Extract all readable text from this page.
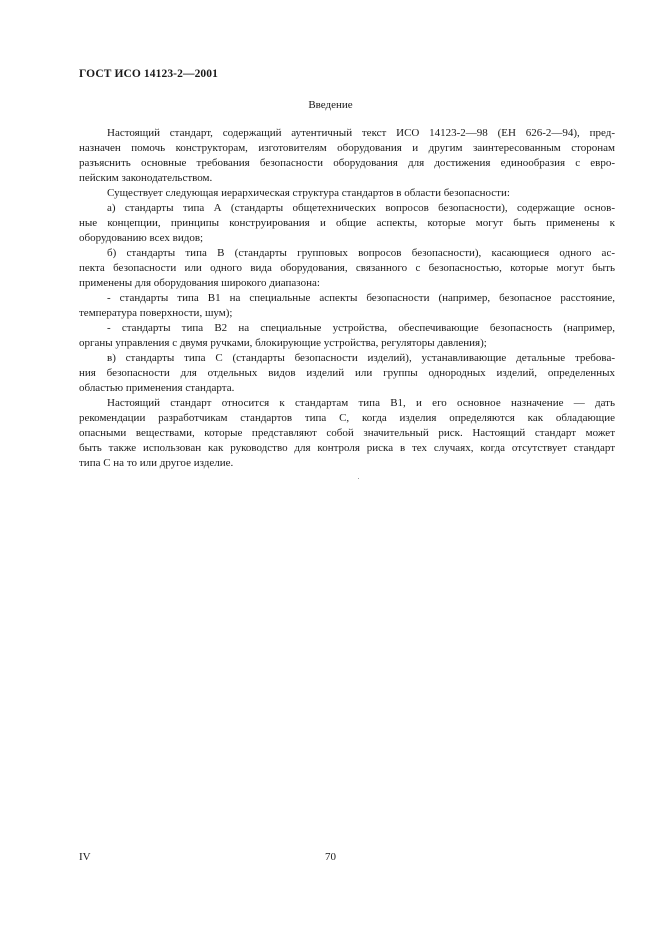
ГОСТ ИСО 14123-2—2001
Введение
Настоящий стандарт, содержащий аутентичный текст ИСО 14123-2—98 (ЕН 626-2—94), пред-
назначен помочь конструкторам, изготовителям оборудования и другим заинтересованным сторонам
разъяснить основные требования безопасности оборудования для достижения единообразия с евро-
пейским законодательством.
Существует следующая иерархическая структура стандартов в области безопасности:
а) стандарты типа А (стандарты общетехнических вопросов безопасности), содержащие основ-
ные концепции, принципы конструирования и общие аспекты, которые могут быть применены к
оборудованию всех видов;
б) стандарты типа В (стандарты групповых вопросов безопасности), касающиеся одного ас-
пекта безопасности или одного вида оборудования, связанного с безопасностью, которые могут быть
применены для оборудования широкого диапазона:
- стандарты типа В1 на специальные аспекты безопасности (например, безопасное расстояние,
температура поверхности, шум);
- стандарты типа В2 на специальные устройства, обеспечивающие безопасность (например,
органы управления с двумя ручками, блокирующие устройства, регуляторы давления);
в) стандарты типа С (стандарты безопасности изделий), устанавливающие детальные требова-
ния безопасности для отдельных видов изделий или группы однородных изделий, определенных
областью применения стандарта.
Настоящий стандарт относится к стандартам типа В1, и его основное назначение — дать
рекомендации разработчикам стандартов типа С, когда изделия определяются как обладающие
опасными веществами, которые представляют собой значительный риск. Настоящий стандарт может
быть также использован как руководство для контроля риска в тех случаях, когда отсутствует стандарт
типа С на то или другое изделие.
IV	70
